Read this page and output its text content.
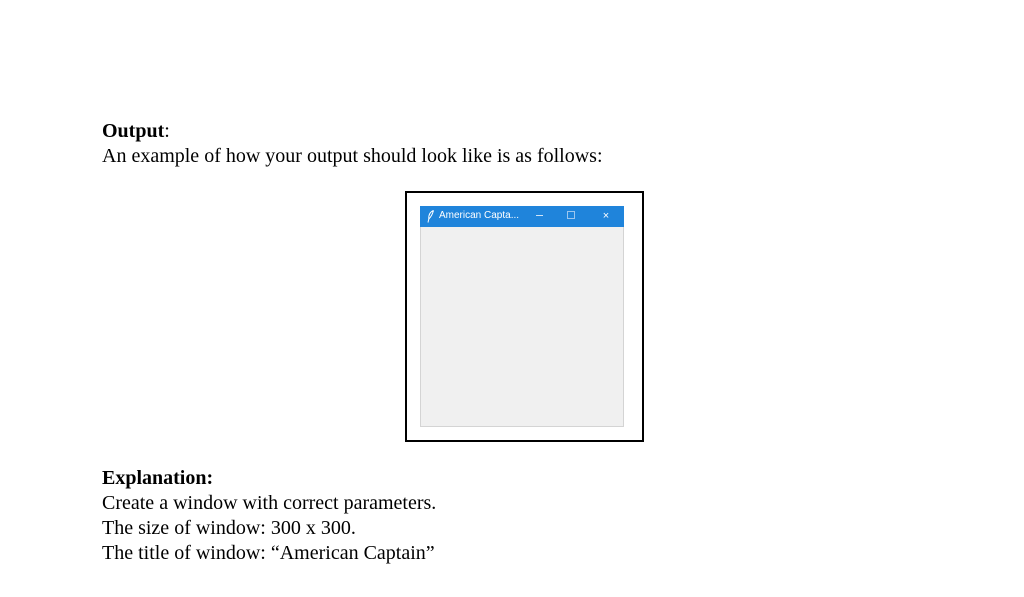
Output:
An example of how your output should look like is as follows:
American Capta...	×
Explanation:
Create a window with correct parameters.
The size of window: 300 x 300.
The title of window: “American Captain”
